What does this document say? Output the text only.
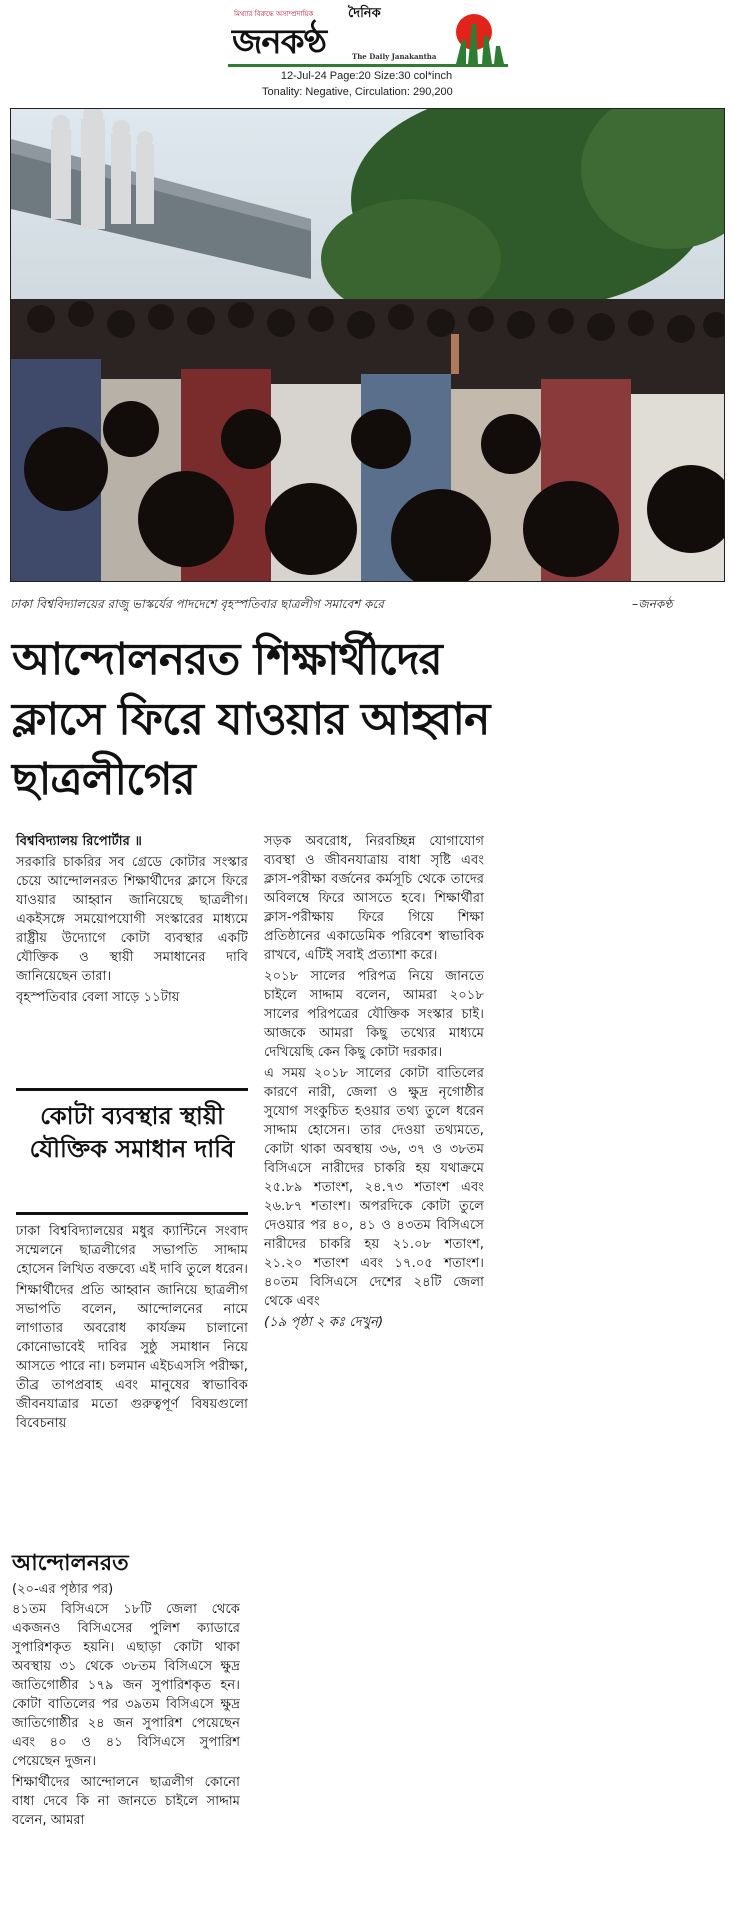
মিথ্যার বিরুদ্ধে অসাম্প্রদায়িক	দৈনিক
জনকণ্ঠ	The Daily Janakantha
12-Jul-24 Page:20 Size:30 col*inch
Tonality: Negative, Circulation: 290,200
ঢাকা বিশ্ববিদ্যালয়ের রাজু ভাস্কর্যের পাদদেশে বৃহস্পতিবার ছাত্রলীগ সমাবেশ করে	–জনকণ্ঠ
আন্দোলনরত শিক্ষার্থীদের ক্লাসে ফিরে যাওয়ার আহ্বান ছাত্রলীগের

বিশ্ববিদ্যালয় রিপোর্টার ॥

সরকারি চাকরির সব গ্রেডে কোটার সংস্কার চেয়ে আন্দোলনরত শিক্ষার্থীদের ক্লাসে ফিরে যাওয়ার আহ্বান জানিয়েছে ছাত্রলীগ। একইসঙ্গে সময়োপযোগী সংস্কারের মাধ্যমে রাষ্ট্রীয় উদ্যোগে কোটা ব্যবস্থার একটি যৌক্তিক ও স্থায়ী সমাধানের দাবি জানিয়েছেন তারা।

বৃহস্পতিবার বেলা সাড়ে ১১টায়

কোটা ব্যবস্থার স্থায়ী যৌক্তিক সমাধান দাবি

ঢাকা বিশ্ববিদ্যালয়ের মধুর ক্যান্টিনে সংবাদ সম্মেলনে ছাত্রলীগের সভাপতি সাদ্দাম হোসেন লিখিত বক্তব্যে এই দাবি তুলে ধরেন।

শিক্ষার্থীদের প্রতি আহ্বান জানিয়ে ছাত্রলীগ সভাপতি বলেন, আন্দোলনের নামে লাগাতার অবরোধ কার্যক্রম চালানো কোনোভাবেই দাবির সুষ্ঠু সমাধান নিয়ে আসতে পারে না। চলমান এইচএসসি পরীক্ষা, তীব্র তাপপ্রবাহ এবং মানুষের স্বাভাবিক জীবনযাত্রার মতো গুরুত্বপূর্ণ বিষয়গুলো বিবেচনায়

সড়ক অবরোধ, নিরবচ্ছিন্ন যোগাযোগ ব্যবস্থা ও জীবনযাত্রায় বাধা সৃষ্টি এবং ক্লাস-পরীক্ষা বর্জনের কর্মসূচি থেকে তাদের অবিলম্বে ফিরে আসতে হবে। শিক্ষার্থীরা ক্লাস-পরীক্ষায় ফিরে গিয়ে শিক্ষা প্রতিষ্ঠানের একাডেমিক পরিবেশ স্বাভাবিক রাখবে, এটিই সবাই প্রত্যাশা করে।

২০১৮ সালের পরিপত্র নিয়ে জানতে চাইলে সাদ্দাম বলেন, আমরা ২০১৮ সালের পরিপত্রের যৌক্তিক সংস্কার চাই। আজকে আমরা কিছু তথ্যের মাধ্যমে দেখিয়েছি কেন কিছু কোটা দরকার।

এ সময় ২০১৮ সালের কোটা বাতিলের কারণে নারী, জেলা ও ক্ষুদ্র নৃগোষ্ঠীর সুযোগ সংকুচিত হওয়ার তথ্য তুলে ধরেন সাদ্দাম হোসেন। তার দেওয়া তথ্যমতে, কোটা থাকা অবস্থায় ৩৬, ৩৭ ও ৩৮তম বিসিএসে নারীদের চাকরি হয় যথাক্রমে ২৫.৮৯ শতাংশ, ২৪.৭৩ শতাংশ এবং ২৬.৮৭ শতাংশ। অপরদিকে কোটা তুলে দেওয়ার পর ৪০, ৪১ ও ৪৩তম বিসিএসে নারীদের চাকরি হয় ২১.০৮ শতাংশ, ২১.২০ শতাংশ এবং ১৭.০৫ শতাংশ। ৪০তম বিসিএসে দেশের ২৪টি জেলা থেকে এবং

(১৯ পৃষ্ঠা ২ কঃ দেখুন)

আন্দোলনরত
(২০-এর পৃষ্ঠার পর)

৪১তম বিসিএসে ১৮টি জেলা থেকে একজনও বিসিএসের পুলিশ ক্যাডারে সুপারিশকৃত হয়নি। এছাড়া কোটা থাকা অবস্থায় ৩১ থেকে ৩৮তম বিসিএসে ক্ষুদ্র জাতিগোষ্ঠীর ১৭৯ জন সুপারিশকৃত হন। কোটা বাতিলের পর ৩৯তম বিসিএসে ক্ষুদ্র জাতিগোষ্ঠীর ২৪ জন সুপারিশ পেয়েছেন এবং ৪০ ও ৪১ বিসিএসে সুপারিশ পেয়েছেন দুজন।

শিক্ষার্থীদের আন্দোলনে ছাত্রলীগ কোনো বাধা দেবে কি না জানতে চাইলে সাদ্দাম বলেন, আমরা
